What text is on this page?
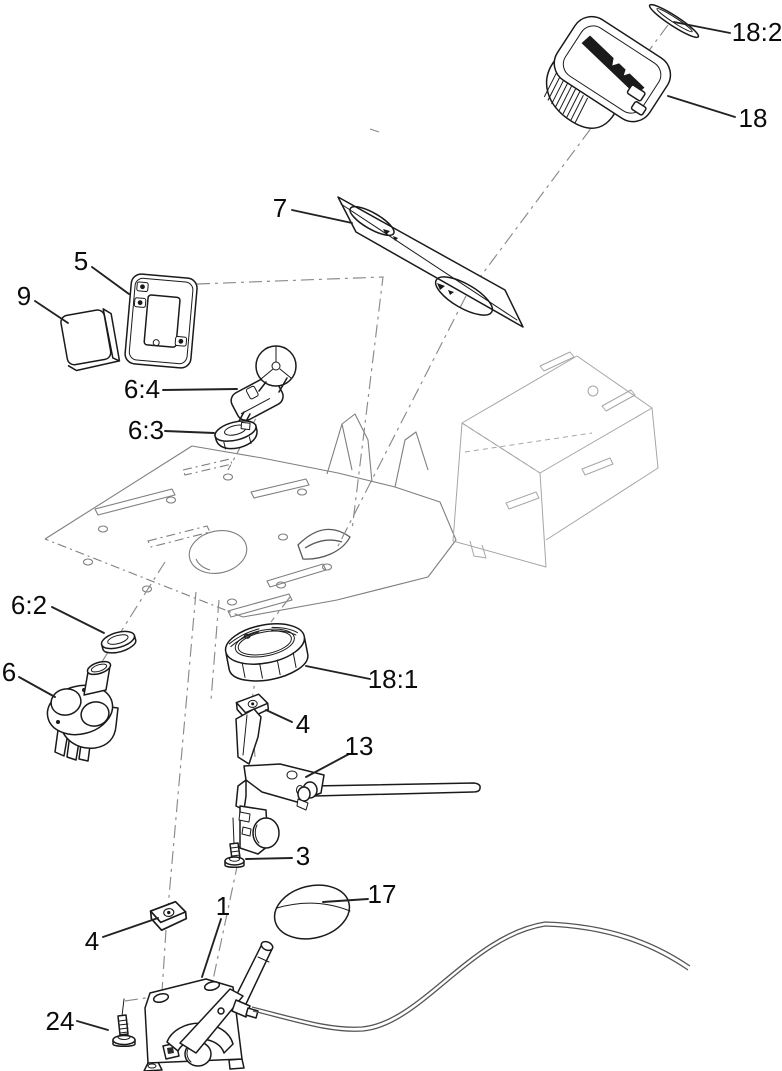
18:2
18
7
5
9
6:4
6:3
6:2
6	18:1
4
13
3
1	17
4
24
